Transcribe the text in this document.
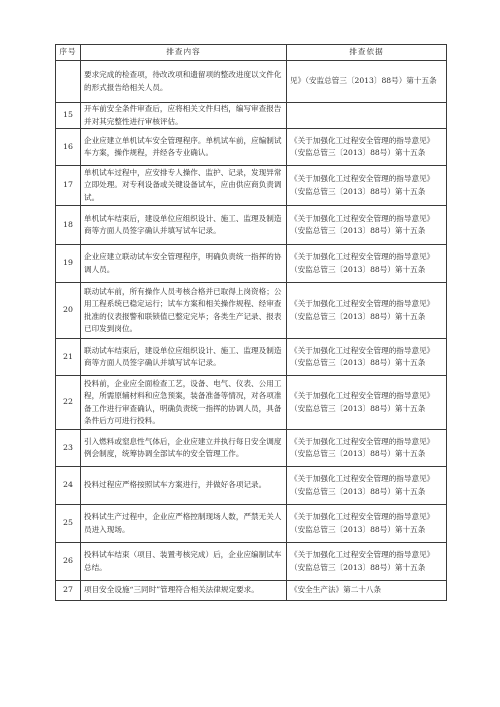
序号	排查内容	排查依据
	要求完成的检查项，待改改项和遗留项的整改进度以文件化的形式报告给相关人员。	见》（安监总管三〔2013〕88号）第十五条
15	开车前安全条件审查后，应将相关文件归档，编写审查报告并对其完整性进行审核评估。	
16	企业应建立单机试车安全管理程序。单机试车前，应编制试车方案，操作规程，并经各专业确认。	《关于加强化工过程安全管理的指导意见》（安监总管三〔2013〕88号）第十五条
17	单机试车过程中，应安排专人操作、监护、记录，发现异常立即处理。对专利设备或关键设备试车，应由供应商负责调试。	《关于加强化工过程安全管理的指导意见》（安监总管三〔2013〕88号）第十五条
18	单机试车结束后，建设单位应组织设计、施工、监理及制造商等方面人员签字确认并填写试车记录。	《关于加强化工过程安全管理的指导意见》（安监总管三〔2013〕88号）第十五条
19	企业应建立联动试车安全管理程序，明确负责统一指挥的协调人员。	《关于加强化工过程安全管理的指导意见》（安监总管三〔2013〕88号）第十五条
20	联动试车前，所有操作人员考核合格并已取得上岗资格；公用工程系统已稳定运行；试车方案和相关操作规程、经审查批准的仪表报警和联锁值已整定完毕；各类生产记录、报表已印发到岗位。	《关于加强化工过程安全管理的指导意见》（安监总管三〔2013〕88号）第十五条
21	联动试车结束后，建设单位应组织设计、施工、监理及制造商等方面人员签字确认并填写试车记录。	《关于加强化工过程安全管理的指导意见》（安监总管三〔2013〕88号）第十五条
22	投料前，企业应全面检查工艺，设备、电气、仪表、公用工程，所需原辅材料和应急预案，装备准备等情况，对各项准备工作进行审查确认，明确负责统一指挥的协调人员，具备条件后方可进行投料。	《关于加强化工过程安全管理的指导意见》（安监总管三〔2013〕88号）第十五条
23	引入燃料或窒息性气体后，企业应建立并执行每日安全调度例会制度，统筹协调全部试车的安全管理工作。	《关于加强化工过程安全管理的指导意见》（安监总管三〔2013〕88号）第十五条
24	投料过程应严格按照试车方案进行，并做好各项记录。	《关于加强化工过程安全管理的指导意见》（安监总管三〔2013〕88号）第十五条
25	投料试生产过程中，企业应严格控制现场人数，严禁无关人员进入现场。	《关于加强化工过程安全管理的指导意见》（安监总管三〔2013〕88号）第十五条
26	投料试车结束（项目、装置考核完成）后，企业应编制试车总结。	《关于加强化工过程安全管理的指导意见》（安监总管三〔2013〕88号）第十五条
27	项目安全设施“三同时”管理符合相关法律规定要求。	《安全生产法》第二十八条
